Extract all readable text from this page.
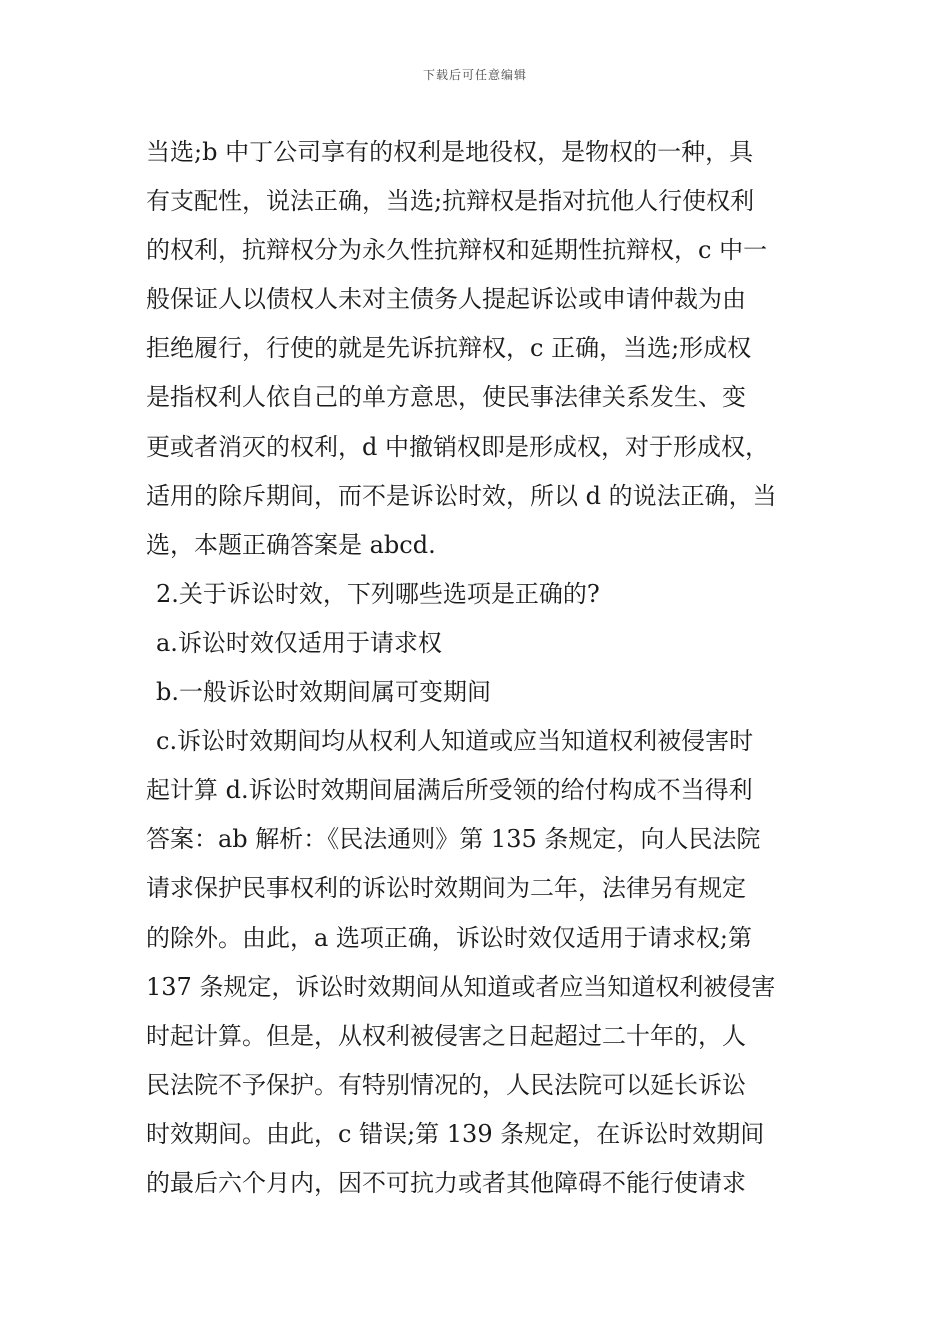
下载后可任意编辑
当选;b 中丁公司享有的权利是地役权，是物权的一种，具
有支配性，说法正确，当选;抗辩权是指对抗他人行使权利
的权利，抗辩权分为永久性抗辩权和延期性抗辩权，c 中一
般保证人以债权人未对主债务人提起诉讼或申请仲裁为由
拒绝履行，行使的就是先诉抗辩权，c 正确，当选;形成权
是指权利人依自己的单方意思，使民事法律关系发生、变
更或者消灭的权利，d 中撤销权即是形成权，对于形成权，
适用的除斥期间，而不是诉讼时效，所以 d 的说法正确，当
选，本题正确答案是 abcd.
2.关于诉讼时效，下列哪些选项是正确的?
a.诉讼时效仅适用于请求权
b.一般诉讼时效期间属可变期间
c.诉讼时效期间均从权利人知道或应当知道权利被侵害时
起计算 d.诉讼时效期间届满后所受领的给付构成不当得利
答案：ab 解析：《民法通则》第 135 条规定，向人民法院
请求保护民事权利的诉讼时效期间为二年，法律另有规定
的除外。由此，a 选项正确，诉讼时效仅适用于请求权;第
137 条规定，诉讼时效期间从知道或者应当知道权利被侵害
时起计算。但是，从权利被侵害之日起超过二十年的，人
民法院不予保护。有特别情况的，人民法院可以延长诉讼
时效期间。由此，c 错误;第 139 条规定，在诉讼时效期间
的最后六个月内，因不可抗力或者其他障碍不能行使请求
